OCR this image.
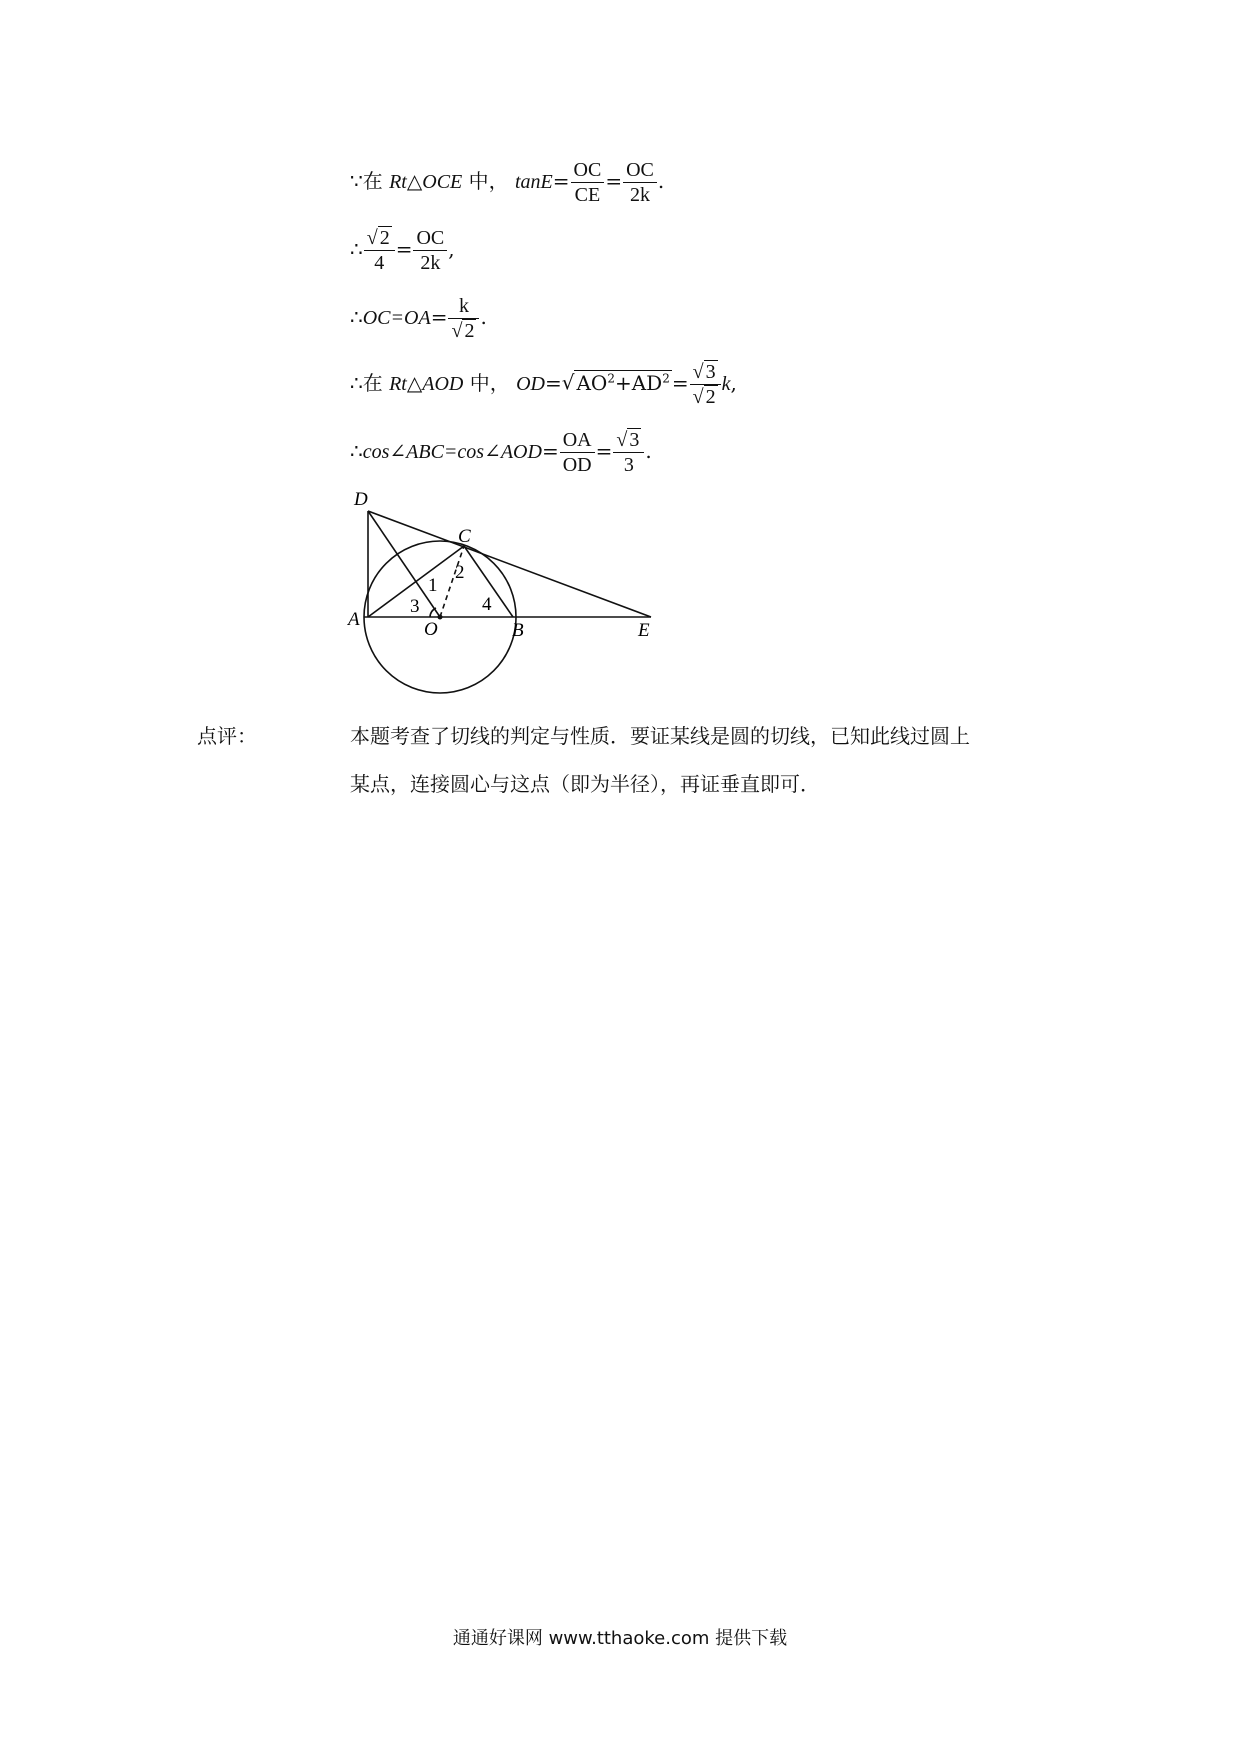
∵在 Rt△OCE 中， $\tan E= \frac{OC}{CE} = \frac{OC}{2k}$ .
∴ $\frac{√ 2}{4} = \frac{OC}{2k}$ ,
∴OC=OA= $\frac{k}{√ 2}$ .
∴在 Rt△AOD 中， OD=√ $AO^2+AD^2 = \frac{√ 3}{√ 2} k$,
∴cos∠ABC=cos∠AOD= $\frac{OA}{OD} = \frac{√ 3}{3}$ .
D
C
A	O	B	E
1
2
3	4
点评：	本题考查了切线的判定与性质．要证某线是圆的切线，已知此线过圆上
某点，连接圆心与这点（即为半径），再证垂直即可．
通通好课网 www.tthaoke.com 提供下载
